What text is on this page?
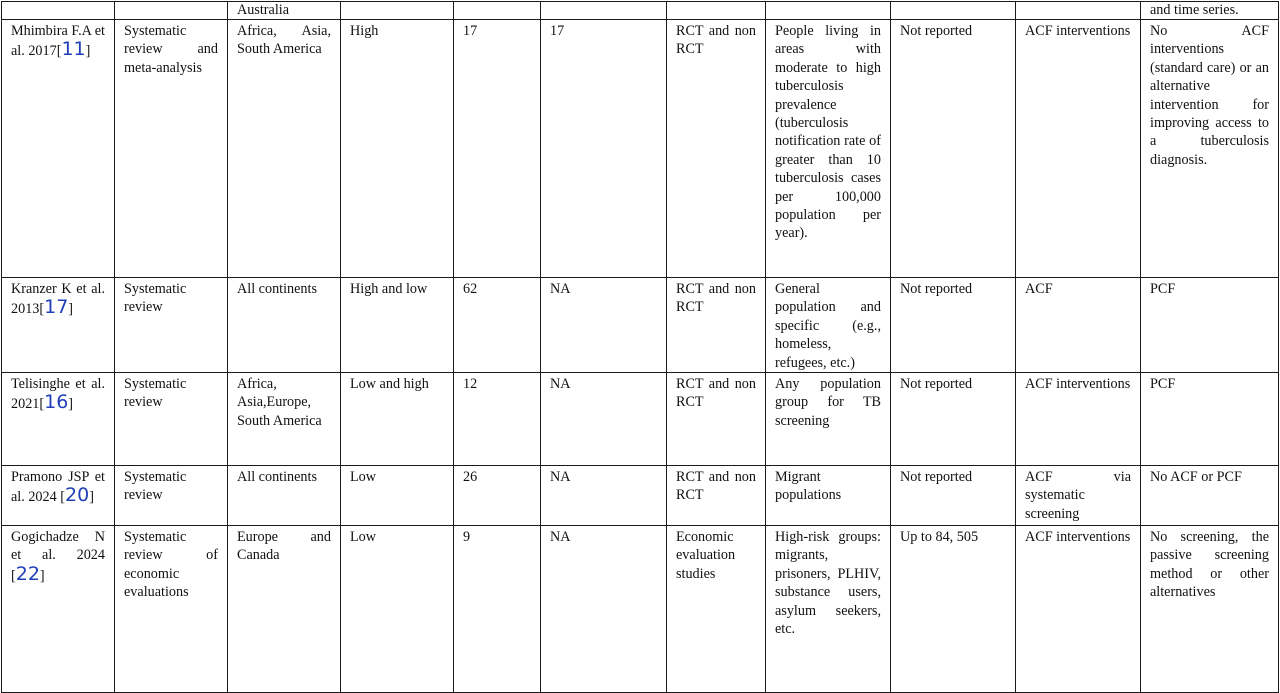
		Australia								and time series.
Mhimbira F.A et al. 2017[11]	Systematic review and meta-analysis	Africa, Asia, South America	High	17	17	RCT and non RCT	People living in areas with moderate to high tuberculosis prevalence (tuberculosis notification rate of greater than 10 tuberculosis cases per 100,000 population per year).	Not reported	ACF interventions	No ACF interventions (standard care) or an alternative intervention for improving access to a tuberculosis diagnosis.
Kranzer K et al. 2013[17]	Systematic review	All continents	High and low	62	NA	RCT and non RCT	General population and specific (e.g., homeless, refugees, etc.)	Not reported	ACF	PCF
Telisinghe et al. 2021[16]	Systematic review	Africa, Asia,Europe, South America	Low and high	12	NA	RCT and non RCT	Any population group for TB screening	Not reported	ACF interventions	PCF
Pramono JSP et al. 2024 [20]	Systematic review	All continents	Low	26	NA	RCT and non RCT	Migrant populations	Not reported	ACF via systematic screening	No ACF or PCF
Gogichadze N et al. 2024 [22]	Systematic review of economic evaluations	Europe and Canada	Low	9	NA	Economic evaluation studies	High-risk groups: migrants, prisoners, PLHIV, substance users, asylum seekers, etc.	Up to 84, 505	ACF interventions	No screening, the passive screening method or other alternatives
